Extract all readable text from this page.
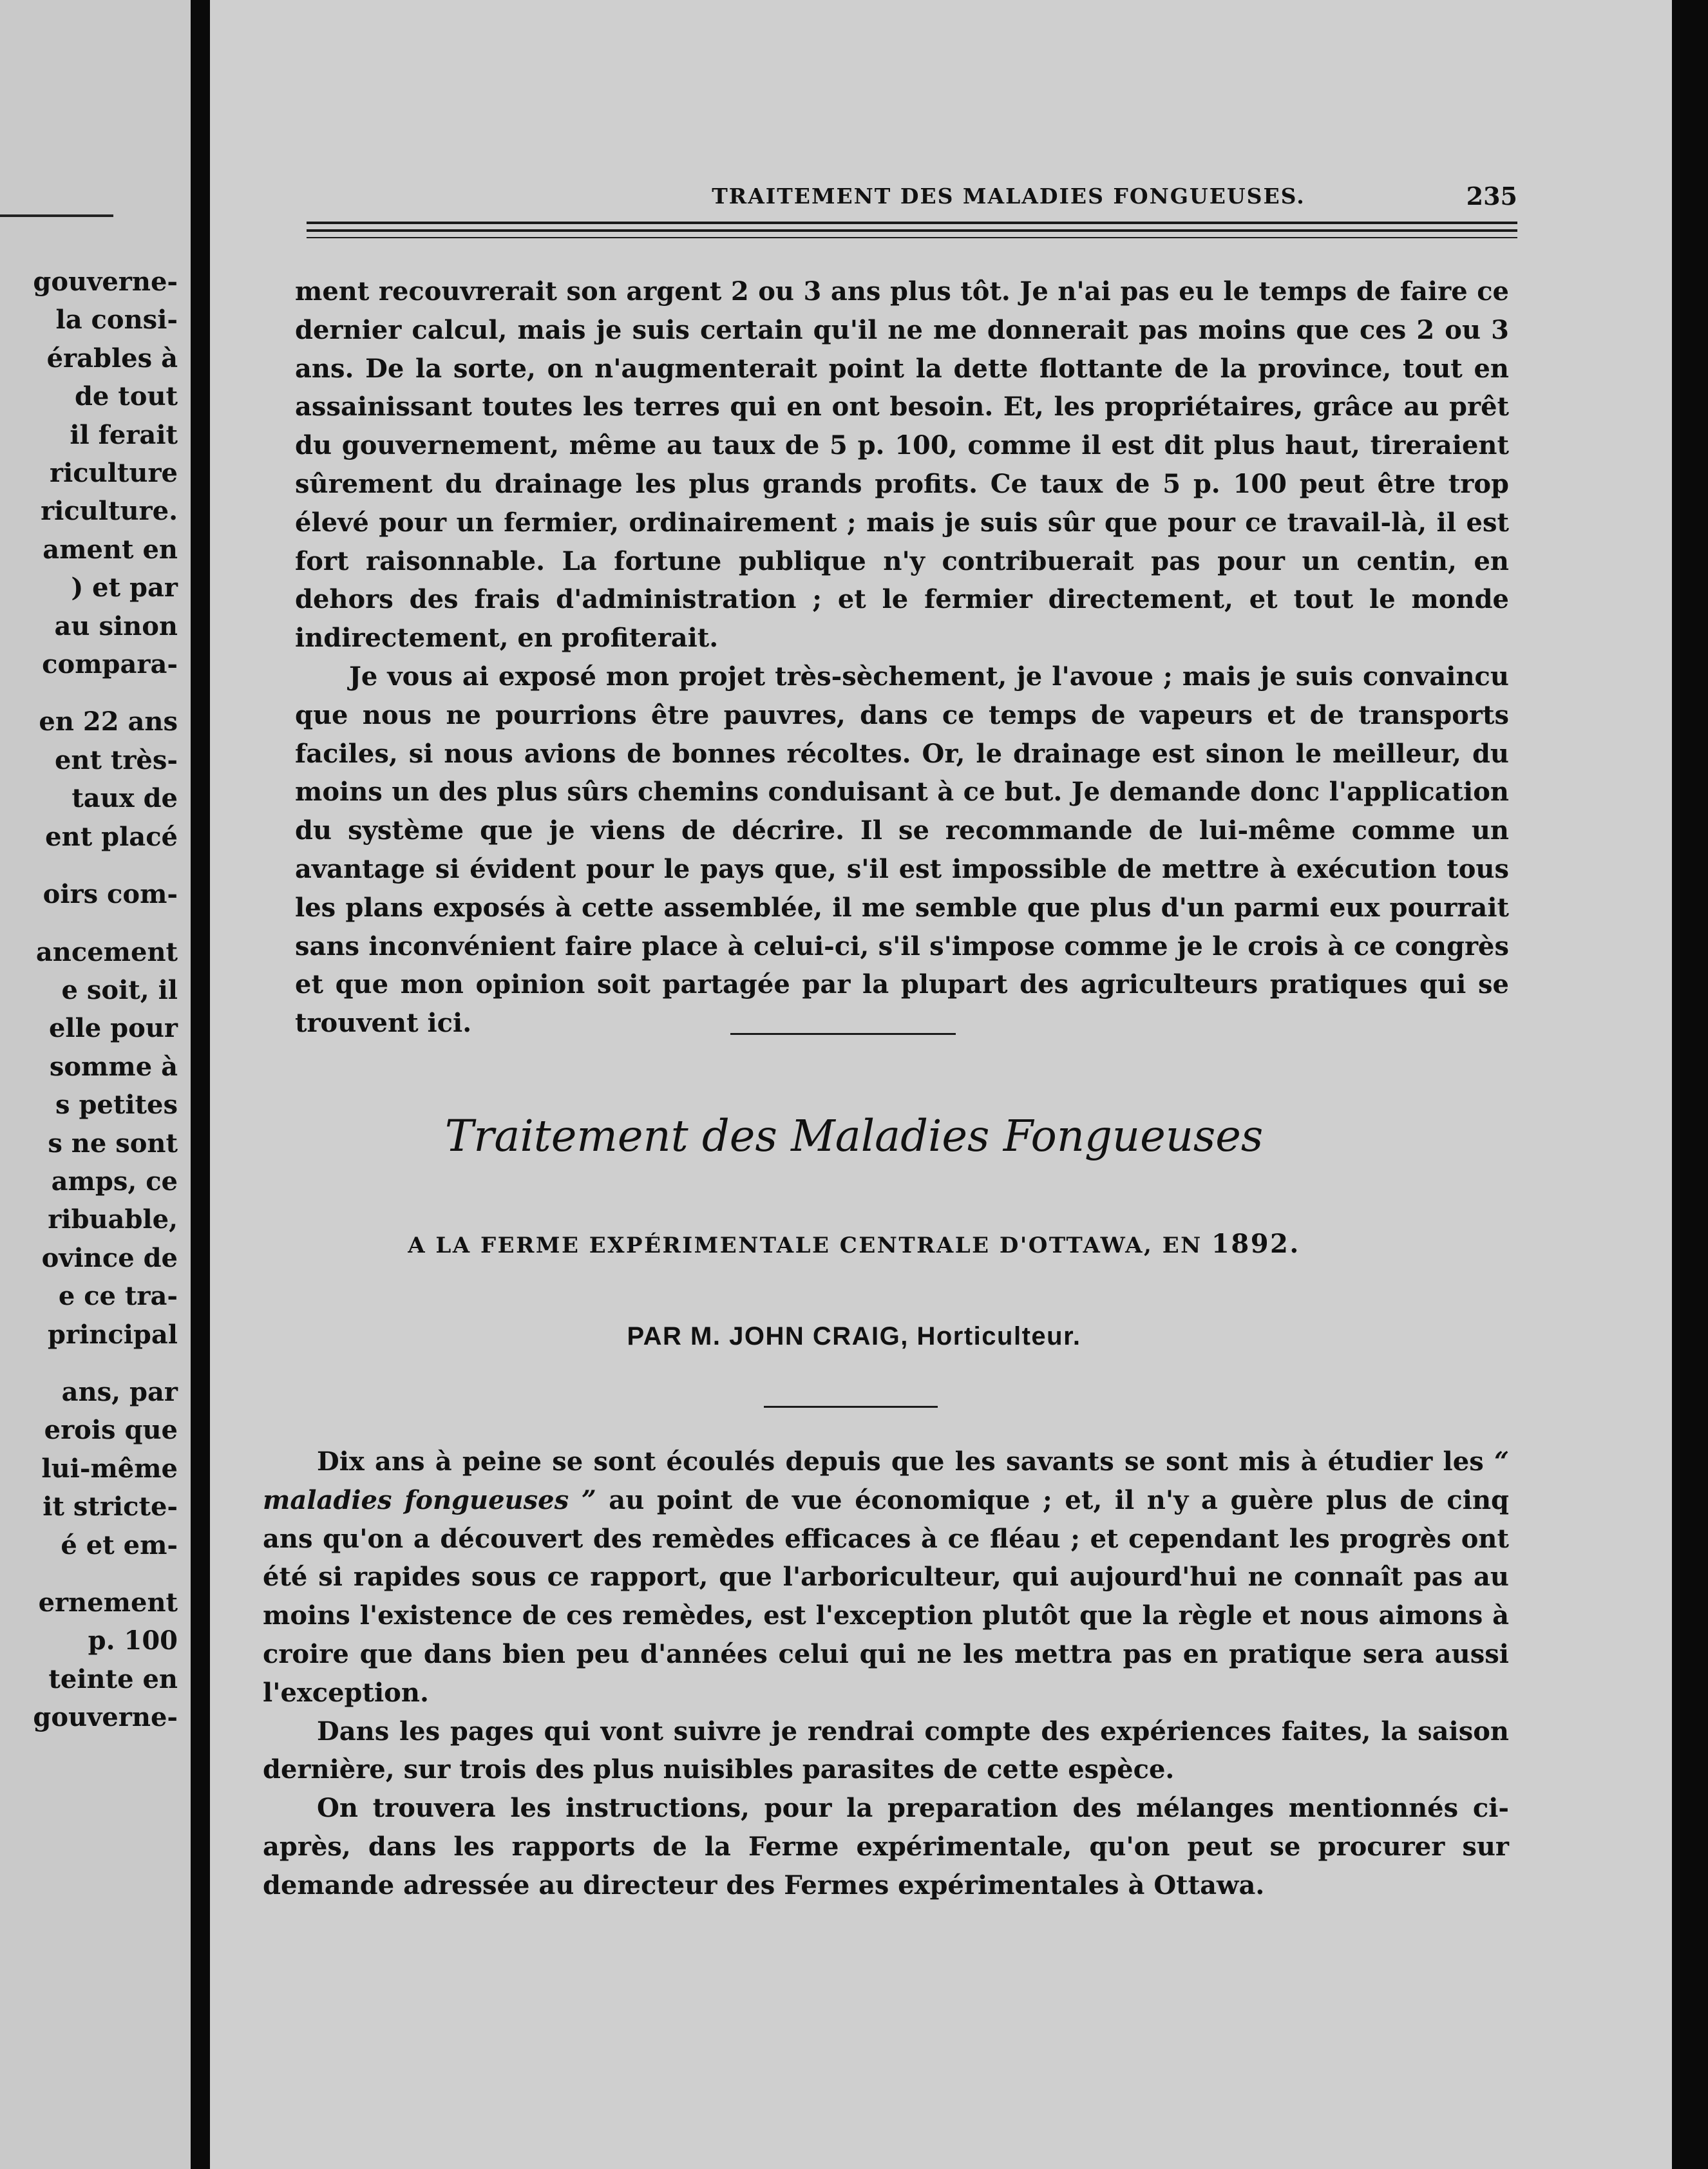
gouverne-
la consi-
érables à
de tout
il ferait
riculture
riculture.
ament en
) et par
au sinon
compara-
en 22 ans
ent très-
taux de
ent placé
oirs com-
ancement
e soit, il
elle pour
somme à
s petites
s ne sont
amps, ce
ribuable,
ovince de
e ce tra-
principal
ans, par
erois que
lui-même
it stricte-
é et em-
ernement
p. 100
teinte en
gouverne-
TRAITEMENT DES MALADIES FONGUEUSES.	235

ment recouvrerait son argent 2 ou 3 ans plus tôt. Je n'ai pas eu le temps de faire ce dernier calcul, mais je suis certain qu'il ne me donnerait pas moins que ces 2 ou 3 ans. De la sorte, on n'augmenterait point la dette flottante de la province, tout en assainissant toutes les terres qui en ont besoin. Et, les propriétaires, grâce au prêt du gouvernement, même au taux de 5 p. 100, comme il est dit plus haut, tireraient sûrement du drainage les plus grands profits. Ce taux de 5 p. 100 peut être trop élevé pour un fermier, ordinairement ; mais je suis sûr que pour ce travail-là, il est fort raisonnable. La fortune publique n'y contribuerait pas pour un centin, en dehors des frais d'administration ; et le fermier directement, et tout le monde indirectement, en profiterait.

Je vous ai exposé mon projet très-sèchement, je l'avoue ; mais je suis convaincu que nous ne pourrions être pauvres, dans ce temps de vapeurs et de transports faciles, si nous avions de bonnes récoltes. Or, le drainage est sinon le meilleur, du moins un des plus sûrs chemins conduisant à ce but. Je demande donc l'application du système que je viens de décrire. Il se recommande de lui-même comme un avantage si évident pour le pays que, s'il est impossible de mettre à exécution tous les plans exposés à cette assemblée, il me semble que plus d'un parmi eux pourrait sans inconvénient faire place à celui-ci, s'il s'impose comme je le crois à ce congrès et que mon opinion soit partagée par la plupart des agriculteurs pratiques qui se trouvent ici.

Traitement des Maladies Fongueuses
A LA FERME EXPÉRIMENTALE CENTRALE D'OTTAWA, EN 1892.
PAR M. JOHN CRAIG, Horticulteur.

Dix ans à peine se sont écoulés depuis que les savants se sont mis à étudier les “ maladies fongueuses ” au point de vue économique ; et, il n'y a guère plus de cinq ans qu'on a découvert des remèdes efficaces à ce fléau ; et cependant les progrès ont été si rapides sous ce rapport, que l'arboriculteur, qui aujourd'hui ne connaît pas au moins l'existence de ces remèdes, est l'exception plutôt que la règle et nous aimons à croire que dans bien peu d'années celui qui ne les mettra pas en pratique sera aussi l'exception.

Dans les pages qui vont suivre je rendrai compte des expériences faites, la saison dernière, sur trois des plus nuisibles parasites de cette espèce.

On trouvera les instructions, pour la preparation des mélanges mentionnés ci-après, dans les rapports de la Ferme expérimentale, qu'on peut se procurer sur demande adressée au directeur des Fermes expérimentales à Ottawa.
